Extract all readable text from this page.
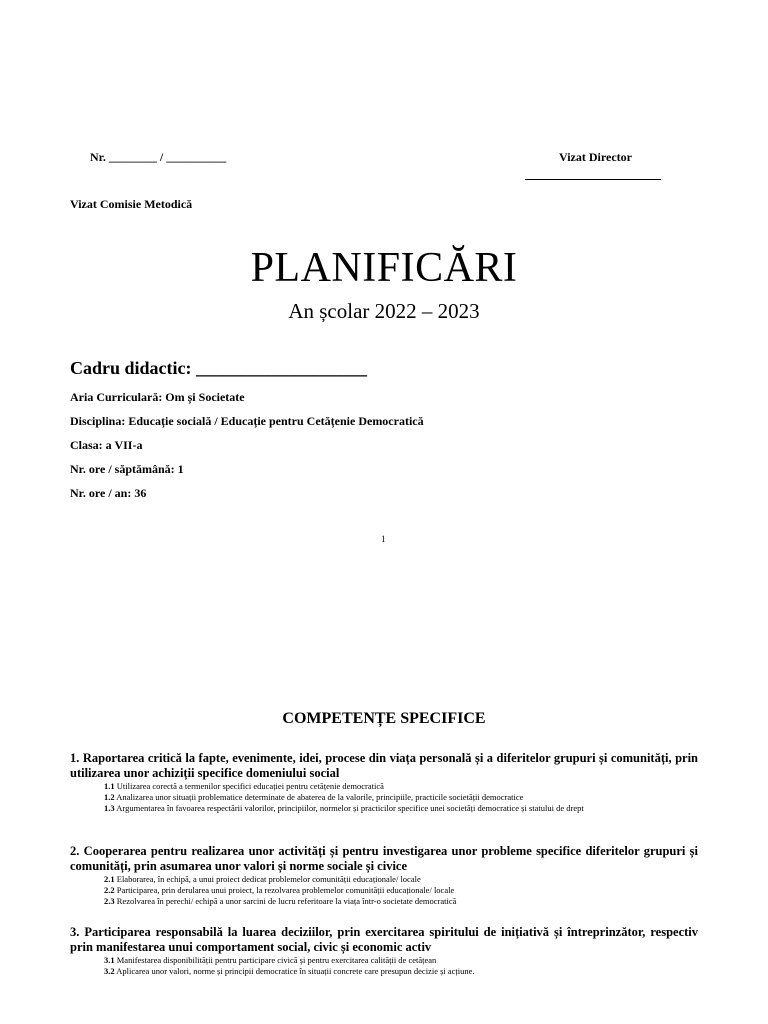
Nr. ________ / __________	Vizat Director
Vizat Comisie Metodică
PLANIFICĂRI
An școlar 2022 – 2023
Cadru didactic: ___________________
Aria Curriculară: Om și Societate
Disciplina: Educație socială / Educație pentru Cetățenie Democratică
Clasa: a VII-a
Nr. ore / săptămână: 1
Nr. ore / an: 36
1
COMPETENȚE SPECIFICE
1. Raportarea critică la fapte, evenimente, idei, procese din viața personală și a diferitelor grupuri și comunități, prin utilizarea unor achiziții specifice domeniului social
1.1 Utilizarea corectă a termenilor specifici educației pentru cetățenie democratică
1.2 Analizarea unor situații problematice determinate de abaterea de la valorile, principiile, practicile societății democratice
1.3 Argumentarea în favoarea respectării valorilor, principiilor, normelor și practicilor specifice unei societăți democratice și statului de drept
2. Cooperarea pentru realizarea unor activități și pentru investigarea unor probleme specifice diferitelor grupuri și comunități, prin asumarea unor valori și norme sociale și civice
2.1 Elaborarea, în echipă, a unui proiect dedicat problemelor comunității educaționale/ locale
2.2 Participarea, prin derularea unui proiect, la rezolvarea problemelor comunității educaționale/ locale
2.3 Rezolvarea în perechi/ echipă a unor sarcini de lucru referitoare la viața într-o societate democratică
3. Participarea responsabilă la luarea deciziilor, prin exercitarea spiritului de inițiativă și întreprinzător, respectiv prin manifestarea unui comportament social, civic și economic activ
3.1 Manifestarea disponibilității pentru participare civică și pentru exercitarea calității de cetățean
3.2 Aplicarea unor valori, norme și principii democratice în situații concrete care presupun decizie și acțiune.
